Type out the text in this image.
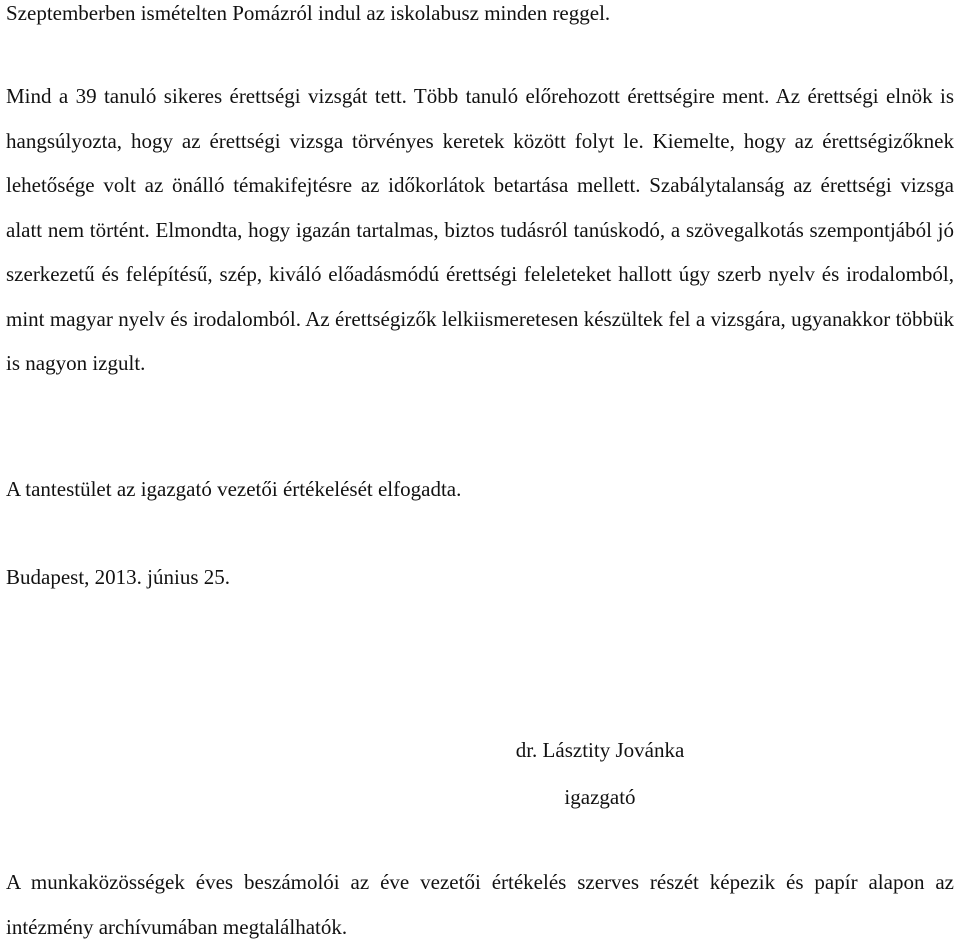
Szeptemberben ismételten Pomázról indul az iskolabusz minden reggel.

Mind a 39 tanuló sikeres érettségi vizsgát tett. Több tanuló előrehozott érettségire ment. Az érettségi elnök is hangsúlyozta, hogy az érettségi vizsga törvényes keretek között folyt le. Kiemelte, hogy az érettségizőknek lehetősége volt az önálló témakifejtésre az időkorlátok betartása mellett. Szabálytalanság az érettségi vizsga alatt nem történt. Elmondta, hogy igazán tartalmas, biztos tudásról tanúskodó, a szövegalkotás szempontjából jó szerkezetű és felépítésű, szép, kiváló előadásmódú érettségi feleleteket hallott úgy szerb nyelv és irodalomból, mint magyar nyelv és irodalomból. Az érettségizők lelkiismeretesen készültek fel a vizsgára, ugyanakkor többük is nagyon izgult.

A tantestület az igazgató vezetői értékelését elfogadta.

Budapest, 2013. június 25.

dr. Lásztity Jovánka
igazgató

A munkaközösségek éves beszámolói az éve vezetői értékelés szerves részét képezik és papír alapon az intézmény archívumában megtalálhatók.
